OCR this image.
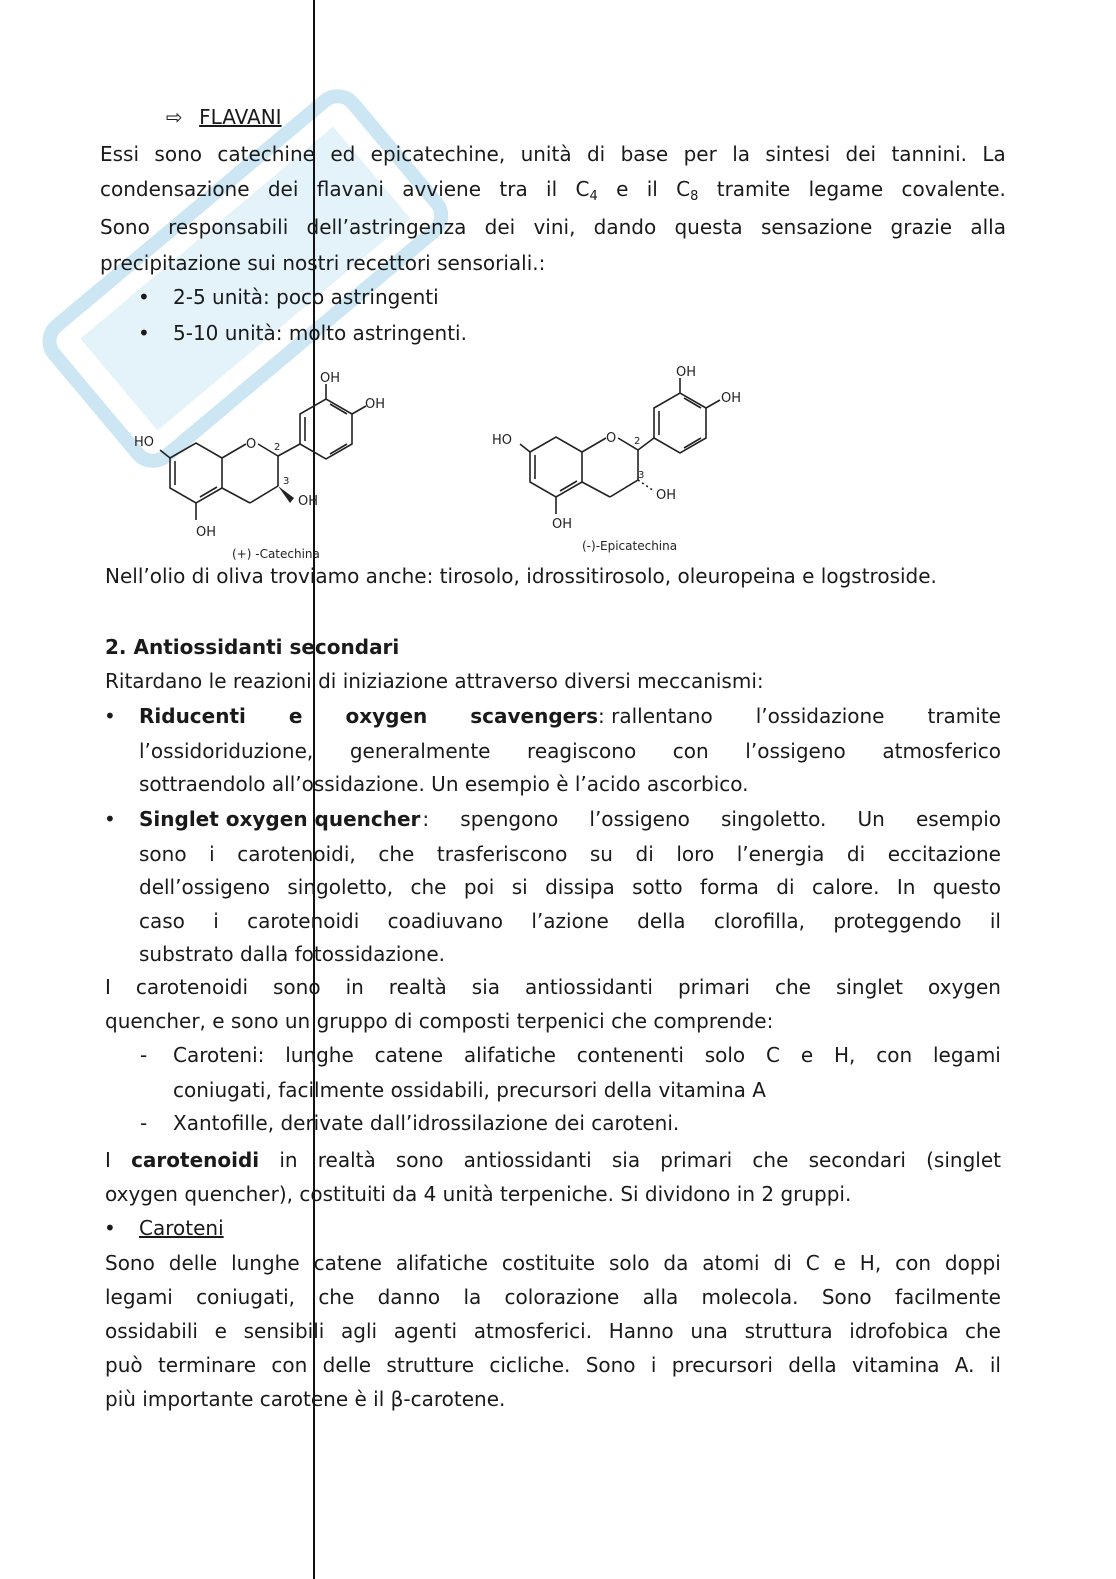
⇨ FLAVANI
Essi sono catechine ed epicatechine, unità di base per la sintesi dei tannini. La
condensazione dei flavani avviene tra il $C_4$ e il $C_8$ tramite legame covalente.
Sono responsabili dell’astringenza dei vini, dando questa sensazione grazie alla
precipitazione sui nostri recettori sensoriali.:
• 2-5 unità: poco astringenti
• 5-10 unità: molto astringenti.
OH
OH
HO	O 2
3
OH
OH
(+) -Catechina
OH
OH
HO	O 2
3
OH
OH
(-)-Epicatechina
Nell’olio di oliva troviamo anche: tirosolo, idrossitirosolo, oleuropeina e logstroside.
2. Antiossidanti secondari
Ritardano le reazioni di iniziazione attraverso diversi meccanismi:
• Riducenti e oxygen scavengers: rallentano l’ossidazione tramite
l’ossidoriduzione, generalmente reagiscono con l’ossigeno atmosferico
sottraendolo all’ossidazione. Un esempio è l’acido ascorbico.
• Singlet oxygen quencher : spengono l’ossigeno singoletto. Un esempio
sono i carotenoidi, che trasferiscono su di loro l’energia di eccitazione
dell’ossigeno singoletto, che poi si dissipa sotto forma di calore. In questo
caso i carotenoidi coadiuvano l’azione della clorofilla, proteggendo il
substrato dalla fotossidazione.
I carotenoidi sono in realtà sia antiossidanti primari che singlet oxygen
quencher, e sono un gruppo di composti terpenici che comprende:
- Caroteni: lunghe catene alifatiche contenenti solo C e H, con legami
coniugati, facilmente ossidabili, precursori della vitamina A
- Xantofille, derivate dall’idrossilazione dei caroteni.
I carotenoidi in realtà sono antiossidanti sia primari che secondari (singlet
oxygen quencher), costituiti da 4 unità terpeniche. Si dividono in 2 gruppi.
• Caroteni
Sono delle lunghe catene alifatiche costituite solo da atomi di C e H, con doppi
legami coniugati, che danno la colorazione alla molecola. Sono facilmente
ossidabili e sensibili agli agenti atmosferici. Hanno una struttura idrofobica che
può terminare con delle strutture cicliche. Sono i precursori della vitamina A. il
più importante carotene è il β-carotene.
